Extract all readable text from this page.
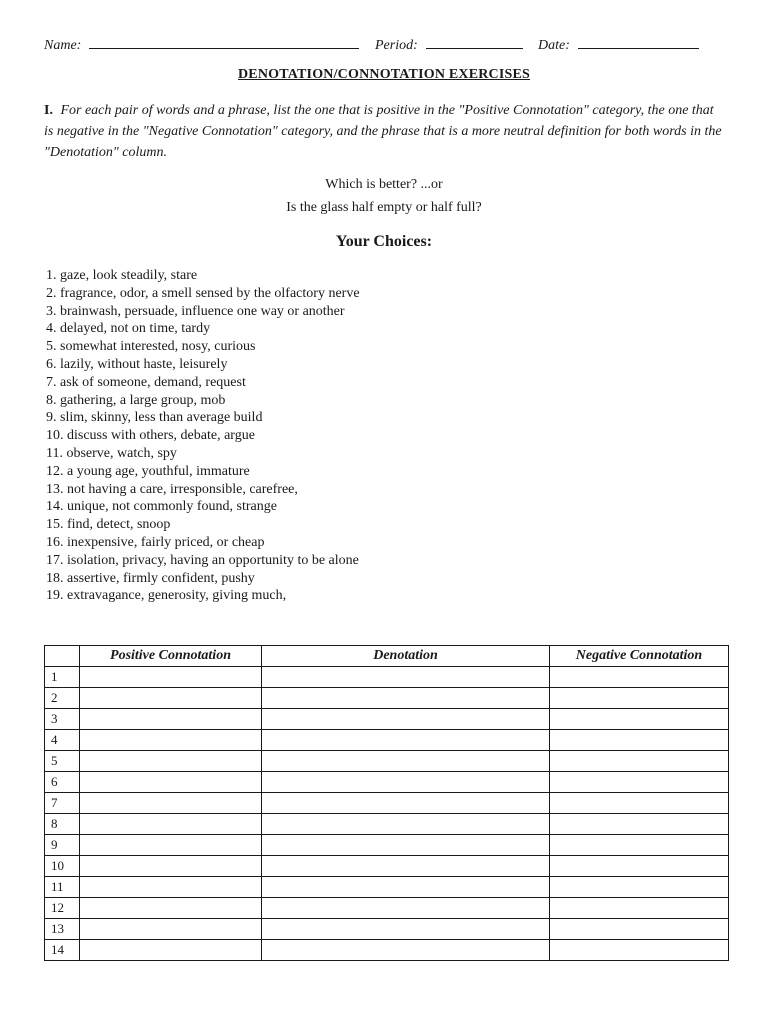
Name:	Period:	Date:
DENOTATION/CONNOTATION EXERCISES
I. For each pair of words and a phrase, list the one that is positive in the "Positive Connotation" category, the one that is negative in the "Negative Connotation" category, and the phrase that is a more neutral definition for both words in the "Denotation" column.
Which is better? ...or
Is the glass half empty or half full?
Your Choices:
1. gaze, look steadily, stare
2. fragrance, odor, a smell sensed by the olfactory nerve
3. brainwash, persuade, influence one way or another
4. delayed, not on time, tardy
5. somewhat interested, nosy, curious
6. lazily, without haste, leisurely
7. ask of someone, demand, request
8. gathering, a large group, mob
9. slim, skinny, less than average build
10. discuss with others, debate, argue
11. observe, watch, spy
12. a young age, youthful, immature
13. not having a care, irresponsible, carefree,
14. unique, not commonly found, strange
15. find, detect, snoop
16. inexpensive, fairly priced, or cheap
17. isolation, privacy, having an opportunity to be alone
18. assertive, firmly confident, pushy
19. extravagance, generosity, giving much,
	Positive Connotation	Denotation	Negative Connotation
1			
2			
3			
4			
5			
6			
7			
8			
9			
10			
11			
12			
13			
14			
